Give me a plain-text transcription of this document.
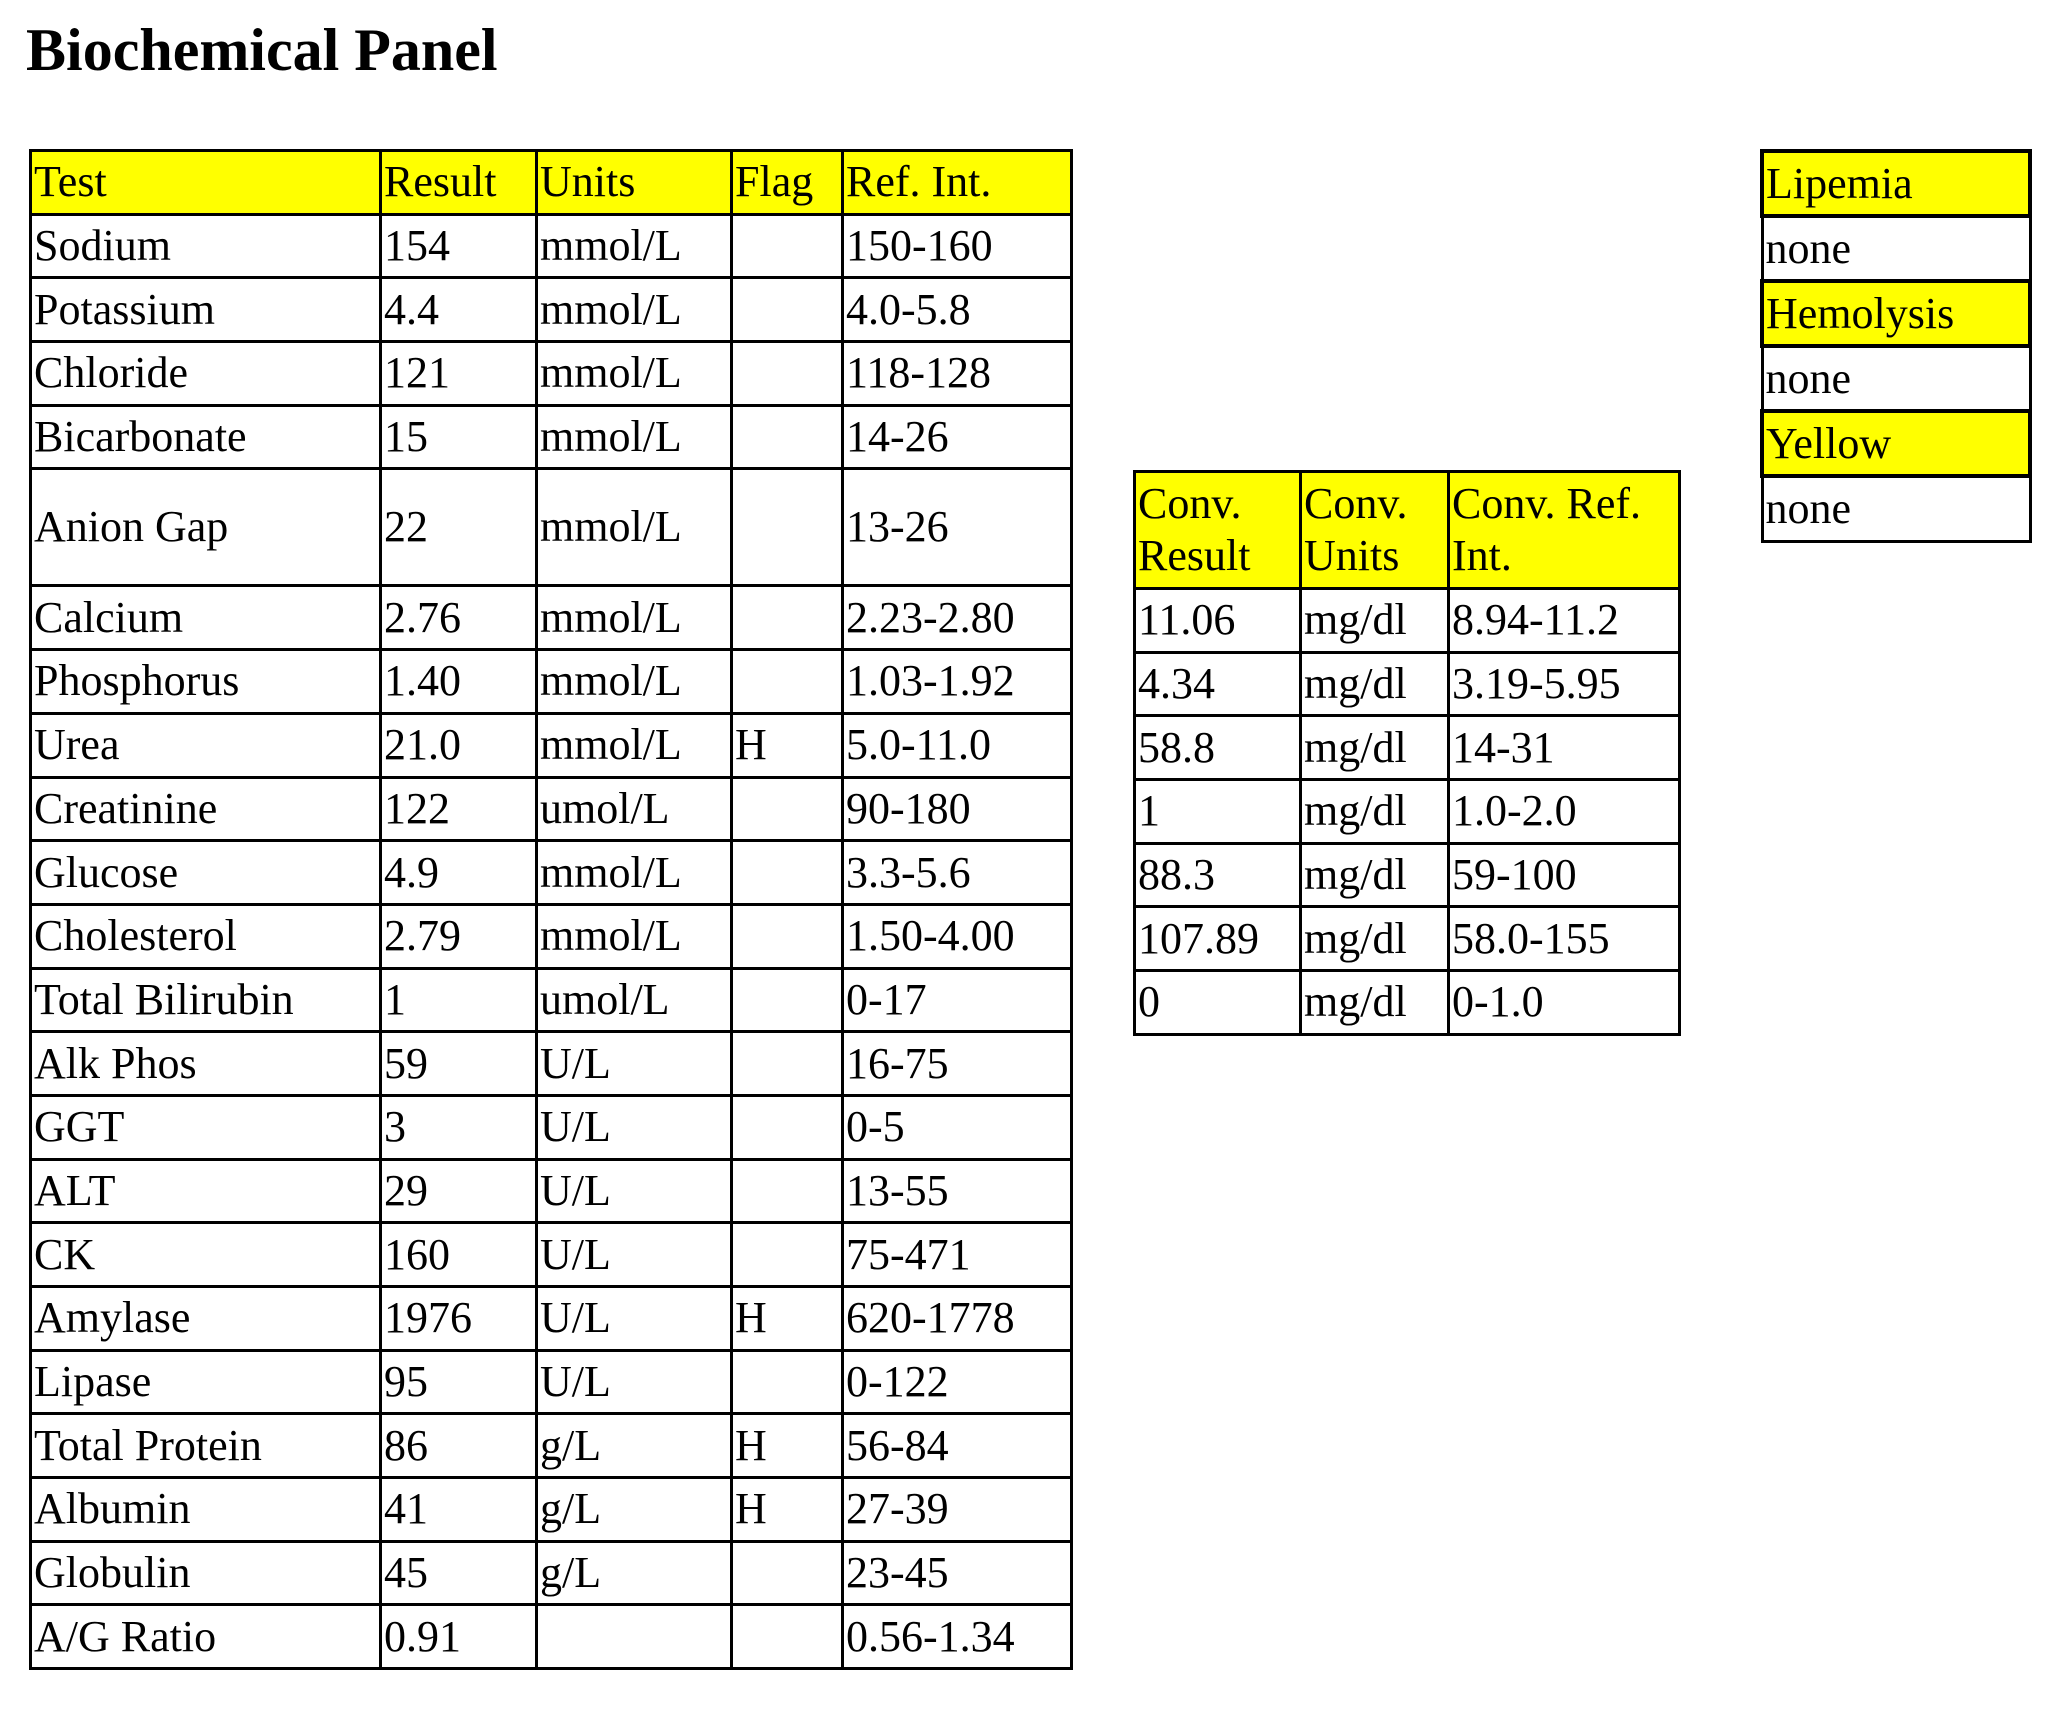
Biochemical Panel
Test	Result	Units	Flag	Ref. Int.
Sodium	154	mmol/L		150-160
Potassium	4.4	mmol/L		4.0-5.8
Chloride	121	mmol/L		118-128
Bicarbonate	15	mmol/L		14-26
Anion Gap	22	mmol/L		13-26
Calcium	2.76	mmol/L		2.23-2.80
Phosphorus	1.40	mmol/L		1.03-1.92
Urea	21.0	mmol/L	H	5.0-11.0
Creatinine	122	umol/L		90-180
Glucose	4.9	mmol/L		3.3-5.6
Cholesterol	2.79	mmol/L		1.50-4.00
Total Bilirubin	1	umol/L		0-17
Alk Phos	59	U/L		16-75
GGT	3	U/L		0-5
ALT	29	U/L		13-55
CK	160	U/L		75-471
Amylase	1976	U/L	H	620-1778
Lipase	95	U/L		0-122
Total Protein	86	g/L	H	56-84
Albumin	41	g/L	H	27-39
Globulin	45	g/L		23-45
A/G Ratio	0.91			0.56-1.34
Conv. Result	Conv. Units	Conv. Ref. Int.
11.06	mg/dl	8.94-11.2
4.34	mg/dl	3.19-5.95
58.8	mg/dl	14-31
1	mg/dl	1.0-2.0
88.3	mg/dl	59-100
107.89	mg/dl	58.0-155
0	mg/dl	0-1.0
Lipemia
none
Hemolysis
none
Yellow
none
